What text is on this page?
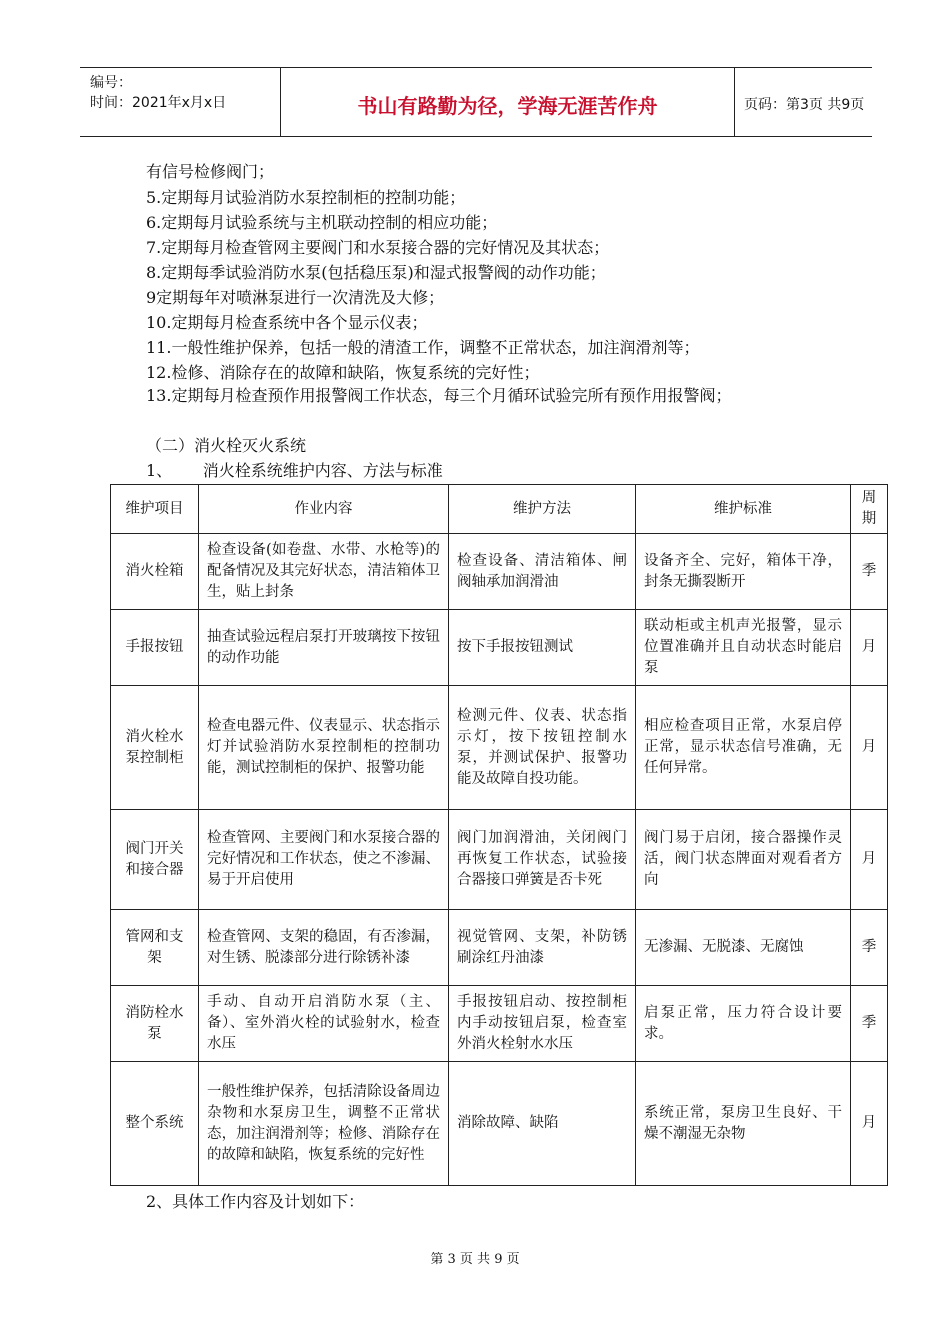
编号：
时间：2021年x月x日	书山有路勤为径，学海无涯苦作舟	页码：第3页 共9页
有信号检修阀门；
5.定期每月试验消防水泵控制柜的控制功能；
6.定期每月试验系统与主机联动控制的相应功能；
7.定期每月检查管网主要阀门和水泵接合器的完好情况及其状态；
8.定期每季试验消防水泵(包括稳压泵)和湿式报警阀的动作功能；
9定期每年对喷淋泵进行一次清洗及大修；
10.定期每月检查系统中各个显示仪表；
11.一般性维护保养，包括一般的清渣工作，调整不正常状态，加注润滑剂等；
12.检修、消除存在的故障和缺陷，恢复系统的完好性；
13.定期每月检查预作用报警阀工作状态，每三个月循环试验完所有预作用报警阀；
（二）消火栓灭火系统
1、      消火栓系统维护内容、方法与标准
维护项目	作业内容	维护方法	维护标准	周期
消火栓箱	检查设备(如卷盘、水带、水枪等)的配备情况及其完好状态，清洁箱体卫生，贴上封条	检查设备、清洁箱体、闸阀轴承加润滑油	设备齐全、完好，箱体干净，封条无撕裂断开	季
手报按钮	抽查试验远程启泵打开玻璃按下按钮的动作功能	按下手报按钮测试	联动柜或主机声光报警，显示位置准确并且自动状态时能启泵	月
消火栓水泵控制柜	检查电器元件、仪表显示、状态指示灯并试验消防水泵控制柜的控制功能，测试控制柜的保护、报警功能	检测元件、仪表、状态指示灯，按下按钮控制水泵，并测试保护、报警功能及故障自投功能。	相应检查项目正常，水泵启停正常，显示状态信号准确，无任何异常。	月
阀门开关和接合器	检查管网、主要阀门和水泵接合器的完好情况和工作状态，使之不渗漏、易于开启使用	阀门加润滑油，关闭阀门再恢复工作状态，试验接合器接口弹簧是否卡死	阀门易于启闭，接合器操作灵活，阀门状态牌面对观看者方向	月
管网和支架	检查管网、支架的稳固，有否渗漏，对生锈、脱漆部分进行除锈补漆	视觉管网、支架，补防锈刷涂红丹油漆	无渗漏、无脱漆、无腐蚀	季
消防栓水泵	手动、自动开启消防水泵（主、备）、室外消火栓的试验射水，检查水压	手报按钮启动、按控制柜内手动按钮启泵，检查室外消火栓射水水压	启泵正常，压力符合设计要求。	季
整个系统	一般性维护保养，包括清除设备周边杂物和水泵房卫生，调整不正常状态，加注润滑剂等；检修、消除存在的故障和缺陷，恢复系统的完好性	消除故障、缺陷	系统正常，泵房卫生良好、干燥不潮湿无杂物	月
2、具体工作内容及计划如下：
第 3 页 共 9 页
